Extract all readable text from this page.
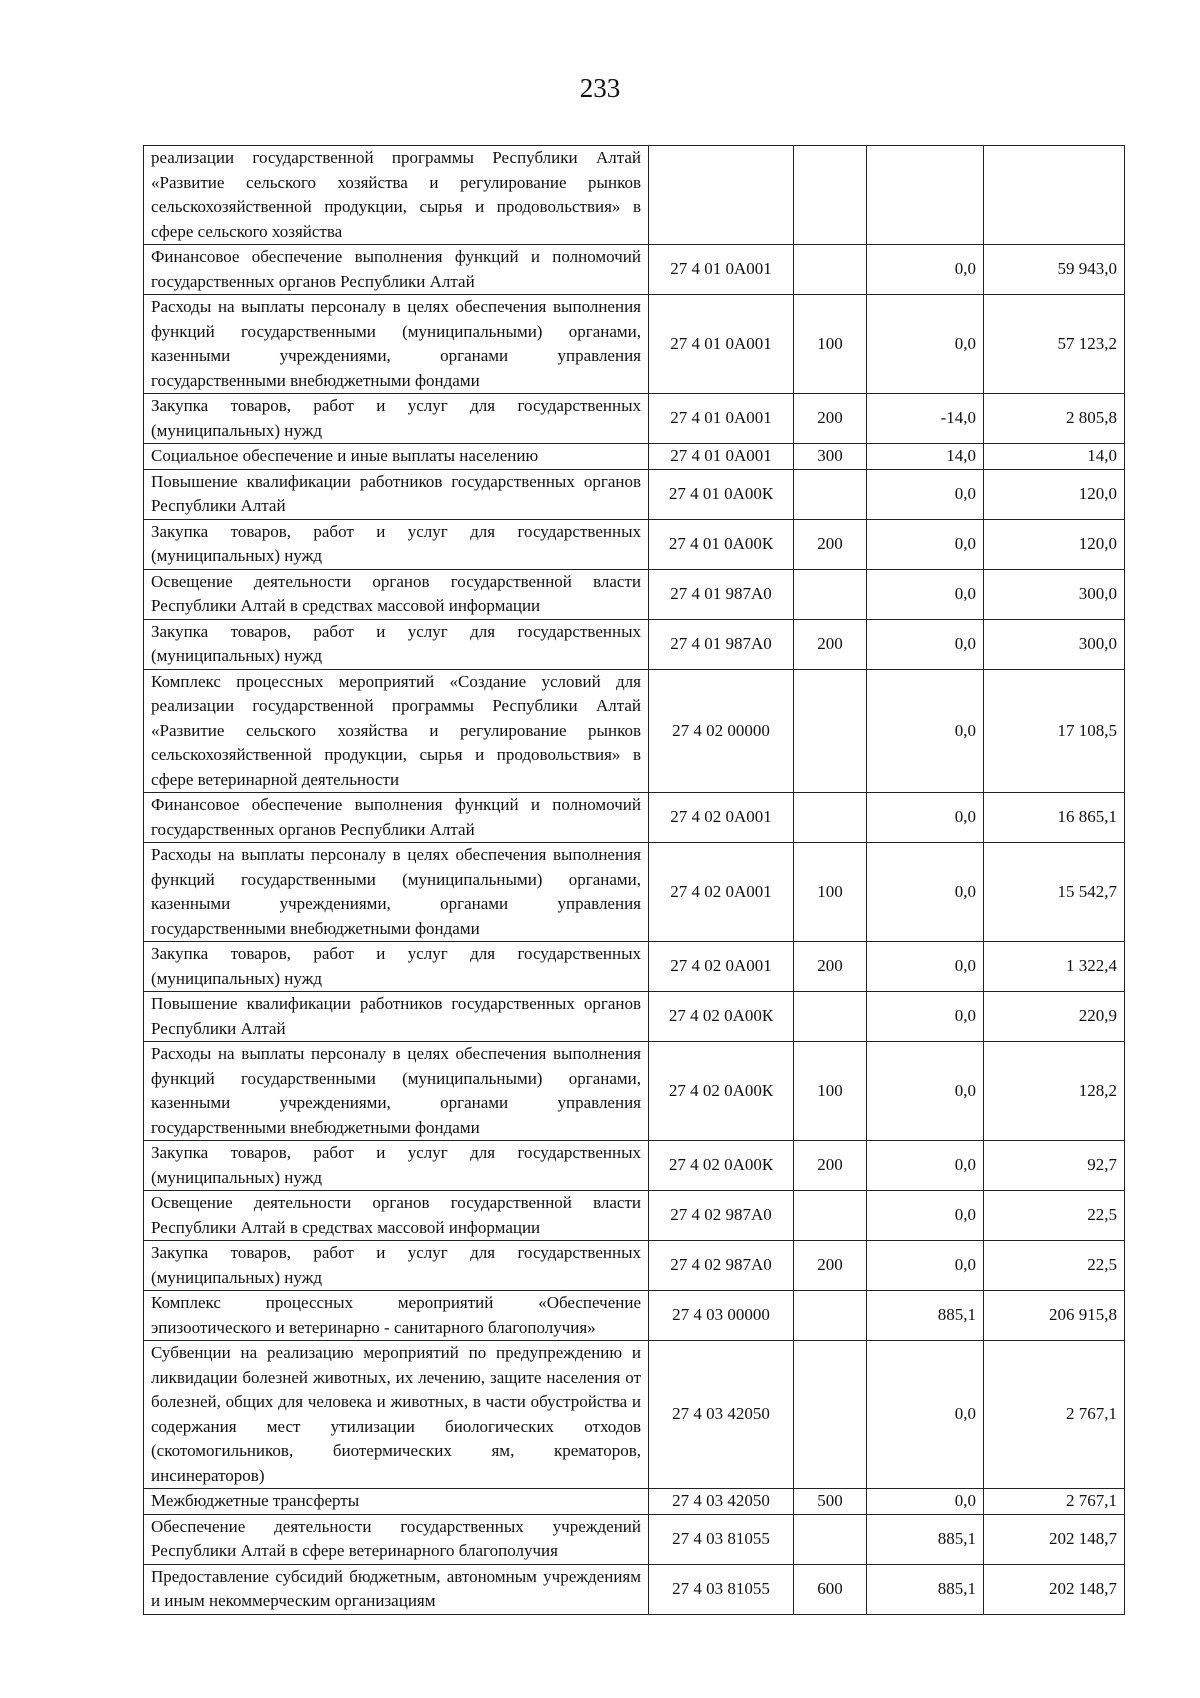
233
реализации государственной программы Республики Алтай «Развитие сельского хозяйства и регулирование рынков сельскохозяйственной продукции, сырья и продовольствия» в сфере сельского хозяйства				
Финансовое обеспечение выполнения функций и полномочий государственных органов Республики Алтай	27 4 01 0А001		0,0	59 943,0
Расходы на выплаты персоналу в целях обеспечения выполнения функций государственными (муниципальными) органами, казенными учреждениями, органами управления государственными внебюджетными фондами	27 4 01 0А001	100	0,0	57 123,2
Закупка товаров, работ и услуг для государственных (муниципальных) нужд	27 4 01 0А001	200	-14,0	2 805,8
Социальное обеспечение и иные выплаты населению	27 4 01 0А001	300	14,0	14,0
Повышение квалификации работников государственных органов Республики Алтай	27 4 01 0А00К		0,0	120,0
Закупка товаров, работ и услуг для государственных (муниципальных) нужд	27 4 01 0А00К	200	0,0	120,0
Освещение деятельности органов государственной власти Республики Алтай в средствах массовой информации	27 4 01 987А0		0,0	300,0
Закупка товаров, работ и услуг для государственных (муниципальных) нужд	27 4 01 987А0	200	0,0	300,0
Комплекс процессных мероприятий «Создание условий для реализации государственной программы Республики Алтай «Развитие сельского хозяйства и регулирование рынков сельскохозяйственной продукции, сырья и продовольствия» в сфере ветеринарной деятельности	27 4 02 00000		0,0	17 108,5
Финансовое обеспечение выполнения функций и полномочий государственных органов Республики Алтай	27 4 02 0А001		0,0	16 865,1
Расходы на выплаты персоналу в целях обеспечения выполнения функций государственными (муниципальными) органами, казенными учреждениями, органами управления государственными внебюджетными фондами	27 4 02 0А001	100	0,0	15 542,7
Закупка товаров, работ и услуг для государственных (муниципальных) нужд	27 4 02 0А001	200	0,0	1 322,4
Повышение квалификации работников государственных органов Республики Алтай	27 4 02 0А00К		0,0	220,9
Расходы на выплаты персоналу в целях обеспечения выполнения функций государственными (муниципальными) органами, казенными учреждениями, органами управления государственными внебюджетными фондами	27 4 02 0А00К	100	0,0	128,2
Закупка товаров, работ и услуг для государственных (муниципальных) нужд	27 4 02 0А00К	200	0,0	92,7
Освещение деятельности органов государственной власти Республики Алтай в средствах массовой информации	27 4 02 987А0		0,0	22,5
Закупка товаров, работ и услуг для государственных (муниципальных) нужд	27 4 02 987А0	200	0,0	22,5
Комплекс процессных мероприятий «Обеспечение эпизоотического и ветеринарно - санитарного благополучия»	27 4 03 00000		885,1	206 915,8
Субвенции на реализацию мероприятий по предупреждению и ликвидации болезней животных, их лечению, защите населения от болезней, общих для человека и животных, в части обустройства и содержания мест утилизации биологических отходов (скотомогильников, биотермических ям, крематоров, инсинераторов)	27 4 03 42050		0,0	2 767,1
Межбюджетные трансферты	27 4 03 42050	500	0,0	2 767,1
Обеспечение деятельности государственных учреждений Республики Алтай в сфере ветеринарного благополучия	27 4 03 81055		885,1	202 148,7
Предоставление субсидий бюджетным, автономным учреждениям и иным некоммерческим организациям	27 4 03 81055	600	885,1	202 148,7
